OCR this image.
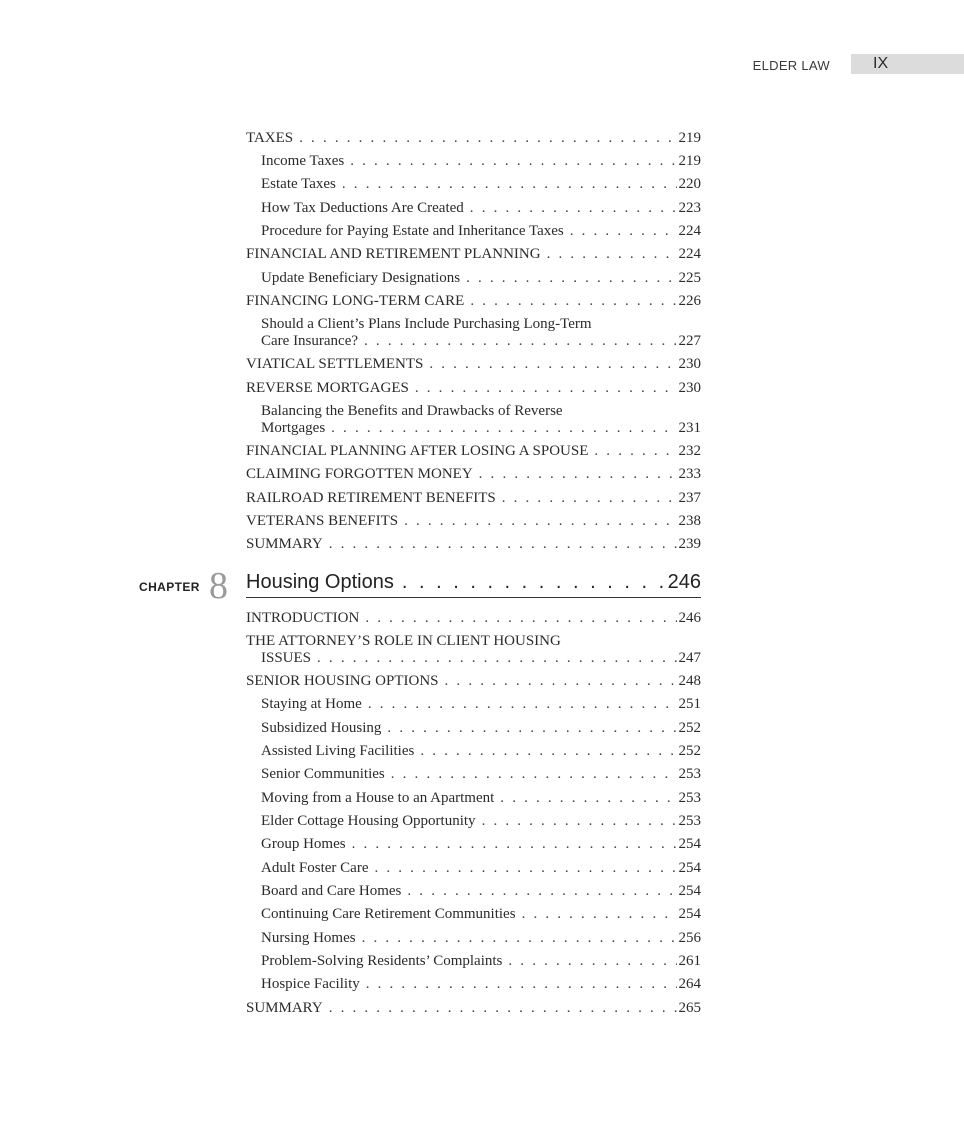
ELDER LAW	IX
TAXES . . .	219
Income Taxes . . .	219
Estate Taxes . . .	220
How Tax Deductions Are Created . . .	223
Procedure for Paying Estate and Inheritance Taxes . . .	224
FINANCIAL AND RETIREMENT PLANNING . . .	224
Update Beneficiary Designations . . .	225
FINANCING LONG-TERM CARE . . .	226
Should a Client’s Plans Include Purchasing Long-Term
Care Insurance? . . .	227
VIATICAL SETTLEMENTS . . .	230
REVERSE MORTGAGES . . .	230
Balancing the Benefits and Drawbacks of Reverse
Mortgages . . .	231
FINANCIAL PLANNING AFTER LOSING A SPOUSE . . .	232
CLAIMING FORGOTTEN MONEY . . .	233
RAILROAD RETIREMENT BENEFITS . . .	237
VETERANS BENEFITS . . .	238
SUMMARY . . .	239
CHAPTER 8 Housing Options . . .	246
INTRODUCTION . . .	246
THE ATTORNEY’S ROLE IN CLIENT HOUSING
ISSUES . . .	247
SENIOR HOUSING OPTIONS . . .	248
Staying at Home . . .	251
Subsidized Housing . . .	252
Assisted Living Facilities . . .	252
Senior Communities . . .	253
Moving from a House to an Apartment . . .	253
Elder Cottage Housing Opportunity . . .	253
Group Homes . . .	254
Adult Foster Care . . .	254
Board and Care Homes . . .	254
Continuing Care Retirement Communities . . .	254
Nursing Homes . . .	256
Problem-Solving Residents’ Complaints . . .	261
Hospice Facility . . .	264
SUMMARY . . .	265
